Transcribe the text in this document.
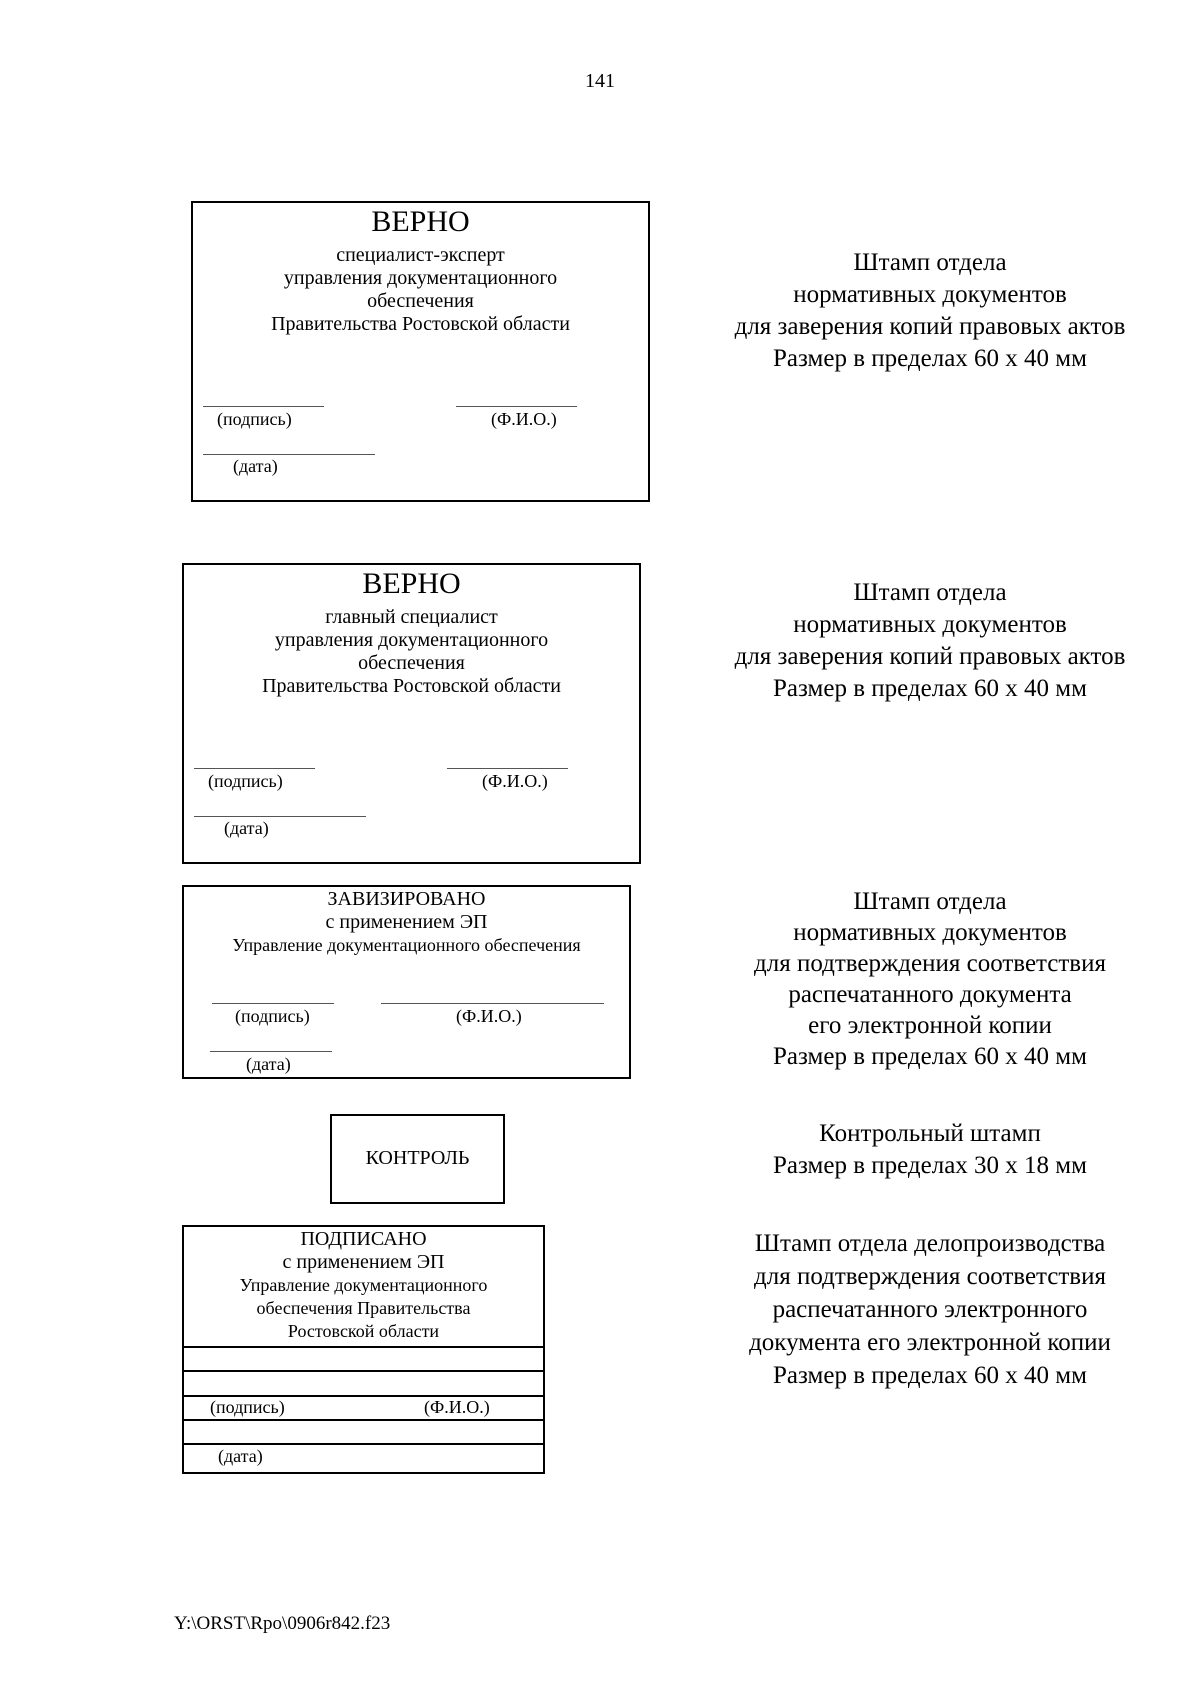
141
ВЕРНО
специалист-эксперт
управления документационного
обеспечения
Правительства Ростовской области
(подпись)	(Ф.И.О.)
(дата)
Штамп отдела
нормативных документов
для заверения копий правовых актов
Размер в пределах 60 х 40 мм
ВЕРНО
главный специалист
управления документационного
обеспечения
Правительства Ростовской области
(подпись)	(Ф.И.О.)
(дата)
Штамп отдела
нормативных документов
для заверения копий правовых актов
Размер в пределах 60 х 40 мм
ЗАВИЗИРОВАНО
с применением ЭП
Управление документационного обеспечения
(подпись)	(Ф.И.О.)
(дата)
Штамп отдела
нормативных документов
для подтверждения соответствия
распечатанного документа
его электронной копии
Размер в пределах 60 х 40 мм
КОНТРОЛЬ
Контрольный штамп
Размер в пределах 30 х 18 мм
ПОДПИСАНО
с применением ЭП
Управление документационного
обеспечения Правительства
Ростовской области
(подпись)	(Ф.И.О.)
(дата)
Штамп отдела делопроизводства
для подтверждения соответствия
распечатанного электронного
документа его электронной копии
Размер в пределах 60 х 40 мм
Y:\ORST\Rpo\0906r842.f23
